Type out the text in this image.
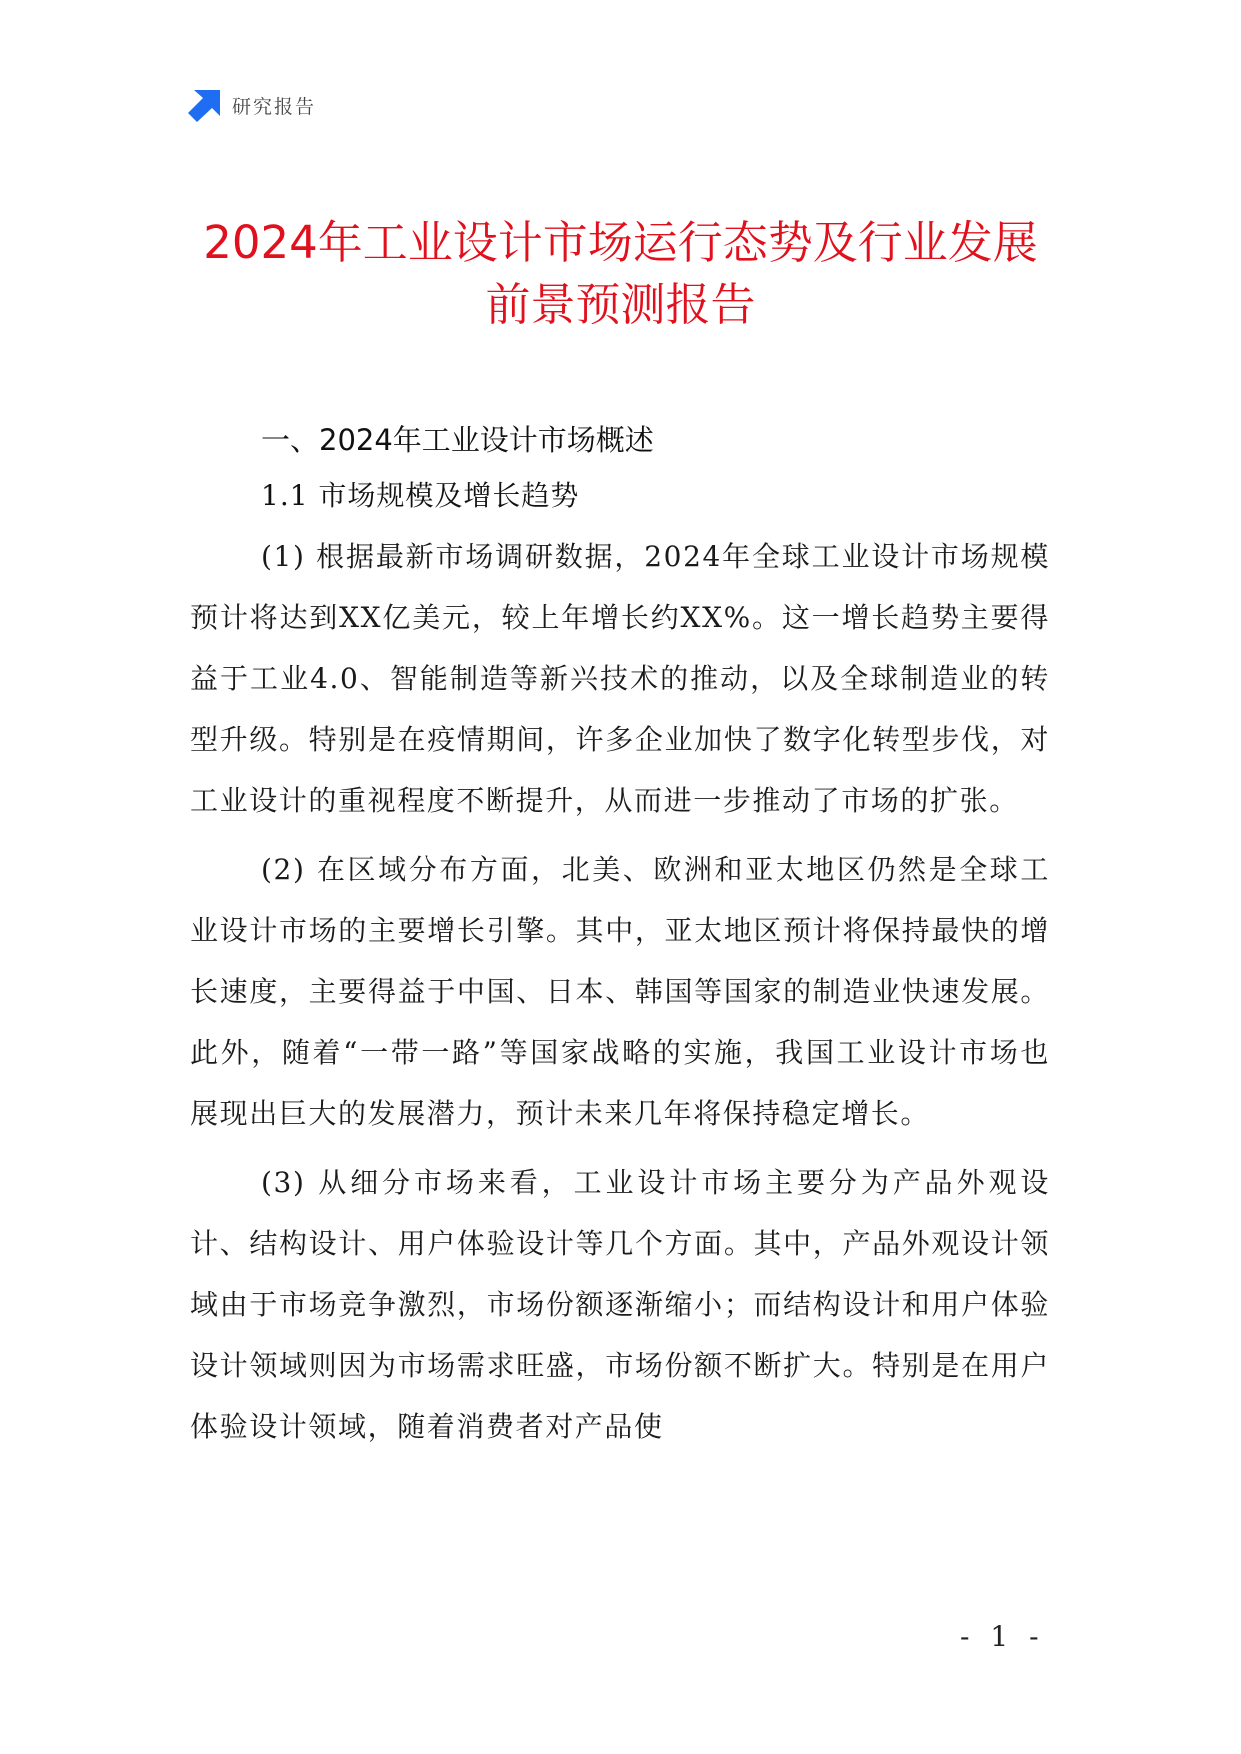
研究报告
2024年工业设计市场运行态势及行业发展
前景预测报告
一、2024年工业设计市场概述
1.1 市场规模及增长趋势

(1) 根据最新市场调研数据，2024年全球工业设计市场规模预计将达到XX亿美元，较上年增长约XX%。这一增长趋势主要得益于工业4.0、智能制造等新兴技术的推动，以及全球制造业的转型升级。特别是在疫情期间，许多企业加快了数字化转型步伐，对工业设计的重视程度不断提升，从而进一步推动了市场的扩张。

(2) 在区域分布方面，北美、欧洲和亚太地区仍然是全球工业设计市场的主要增长引擎。其中，亚太地区预计将保持最快的增长速度，主要得益于中国、日本、韩国等国家的制造业快速发展。此外，随着“一带一路”等国家战略的实施，我国工业设计市场也展现出巨大的发展潜力，预计未来几年将保持稳定增长。

(3) 从细分市场来看，工业设计市场主要分为产品外观设计、结构设计、用户体验设计等几个方面。其中，产品外观设计领域由于市场竞争激烈，市场份额逐渐缩小；而结构设计和用户体验设计领域则因为市场需求旺盛，市场份额不断扩大。特别是在用户体验设计领域，随着消费者对产品使

- 1 -
